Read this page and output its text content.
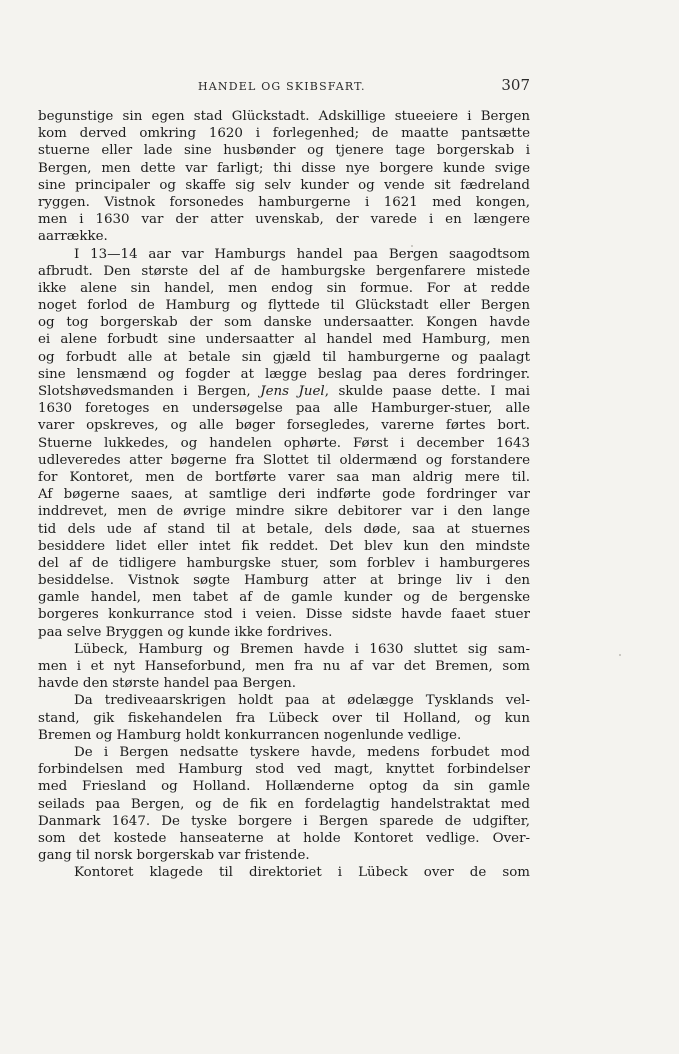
HANDEL OG SKIBSFART.	307
begunstige sin egen stad Glückstadt. Adskillige stueeiere i Bergen
kom derved omkring 1620 i forlegenhed; de maatte pantsætte
stuerne eller lade sine husbønder og tjenere tage borgerskab i
Bergen, men dette var farligt; thi disse nye borgere kunde svige
sine principaler og skaffe sig selv kunder og vende sit fædreland
ryggen. Vistnok forsonedes hamburgerne i 1621 med kongen,
men i 1630 var der atter uvenskab, der varede i en længere
aarrække.
I 13—14 aar var Hamburgs handel paa Bergen saagodtsom
afbrudt. Den største del af de hamburgske bergenfarere mistede
ikke alene sin handel, men endog sin formue. For at redde
noget forlod de Hamburg og flyttede til Glückstadt eller Bergen
og tog borgerskab der som danske undersaatter. Kongen havde
ei alene forbudt sine undersaatter al handel med Hamburg, men
og forbudt alle at betale sin gjæld til hamburgerne og paalagt
sine lensmænd og fogder at lægge beslag paa deres fordringer.
Slotshøvedsmanden i Bergen, Jens Juel, skulde paase dette. I mai
1630 foretoges en undersøgelse paa alle Hamburger-stuer, alle
varer opskreves, og alle bøger forsegledes, varerne førtes bort.
Stuerne lukkedes, og handelen ophørte. Først i december 1643
udleveredes atter bøgerne fra Slottet til oldermænd og forstandere
for Kontoret, men de bortførte varer saa man aldrig mere til.
Af bøgerne saaes, at samtlige deri indførte gode fordringer var
inddrevet, men de øvrige mindre sikre debitorer var i den lange
tid dels ude af stand til at betale, dels døde, saa at stuernes
besiddere lidet eller intet fik reddet. Det blev kun den mindste
del af de tidligere hamburgske stuer, som forblev i hamburgeres
besiddelse. Vistnok søgte Hamburg atter at bringe liv i den
gamle handel, men tabet af de gamle kunder og de bergenske
borgeres konkurrance stod i veien. Disse sidste havde faaet stuer
paa selve Bryggen og kunde ikke fordrives.
Lübeck, Hamburg og Bremen havde i 1630 sluttet sig sam-
men i et nyt Hanseforbund, men fra nu af var det Bremen, som
havde den største handel paa Bergen.
Da trediveaarskrigen holdt paa at ødelægge Tysklands vel-
stand, gik fiskehandelen fra Lübeck over til Holland, og kun
Bremen og Hamburg holdt konkurrancen nogenlunde vedlige.
De i Bergen nedsatte tyskere havde, medens forbudet mod
forbindelsen med Hamburg stod ved magt, knyttet forbindelser
med Friesland og Holland. Hollænderne optog da sin gamle
seilads paa Bergen, og de fik en fordelagtig handelstraktat med
Danmark 1647. De tyske borgere i Bergen sparede de udgifter,
som det kostede hanseaterne at holde Kontoret vedlige. Over-
gang til norsk borgerskab var fristende.
Kontoret klagede til direktoriet i Lübeck over de som
